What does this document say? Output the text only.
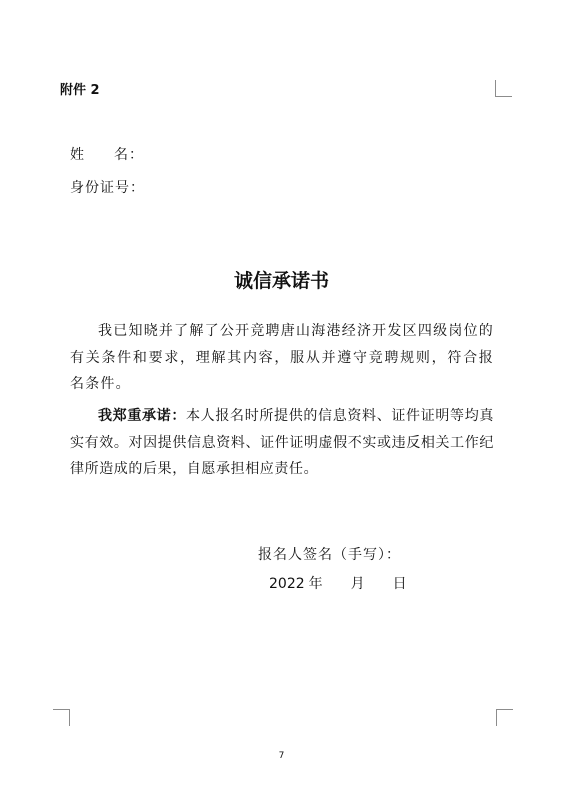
附件 2
姓名：
身份证号：
诚信承诺书

我已知晓并了解了公开竞聘唐山海港经济开发区四级岗位的有关条件和要求，理解其内容，服从并遵守竞聘规则，符合报名条件。

我郑重承诺：本人报名时所提供的信息资料、证件证明等均真实有效。对因提供信息资料、证件证明虚假不实或违反相关工作纪律所造成的后果，自愿承担相应责任。

报名人签名（手写）：
2022 年 月 日
7
